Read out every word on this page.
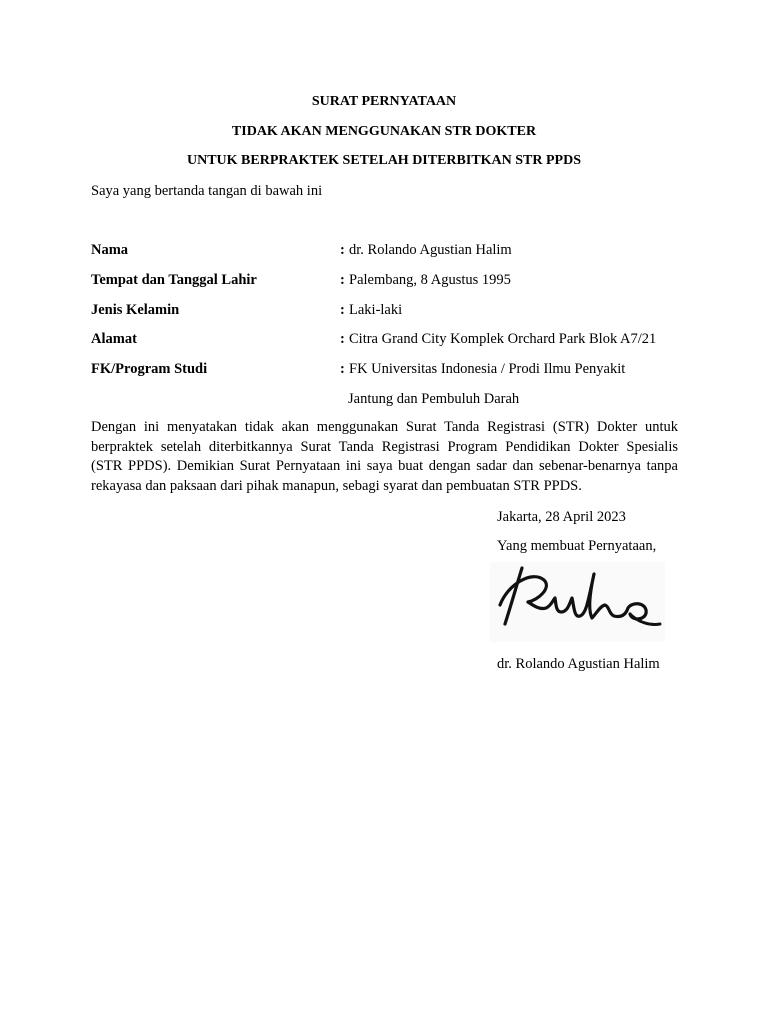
SURAT PERNYATAAN
TIDAK AKAN MENGGUNAKAN STR DOKTER
UNTUK BERPRAKTEK SETELAH DITERBITKAN STR PPDS
Saya yang bertanda tangan di bawah ini
Nama	: dr. Rolando Agustian Halim
Tempat dan Tanggal Lahir	: Palembang, 8 Agustus 1995
Jenis Kelamin	: Laki-laki
Alamat	: Citra Grand City Komplek Orchard Park Blok A7/21
FK/Program Studi	: FK Universitas Indonesia / Prodi Ilmu Penyakit
Jantung dan Pembuluh Darah
Dengan ini menyatakan tidak akan menggunakan Surat Tanda Registrasi (STR) Dokter untuk
berpraktek setelah diterbitkannya Surat Tanda Registrasi Program Pendidikan Dokter Spesialis
(STR PPDS). Demikian Surat Pernyataan ini saya buat dengan sadar dan sebenar-benarnya tanpa
rekayasa dan paksaan dari pihak manapun, sebagi syarat dan pembuatan STR PPDS.
Jakarta, 28 April 2023
Yang membuat Pernyataan,
dr. Rolando Agustian Halim
